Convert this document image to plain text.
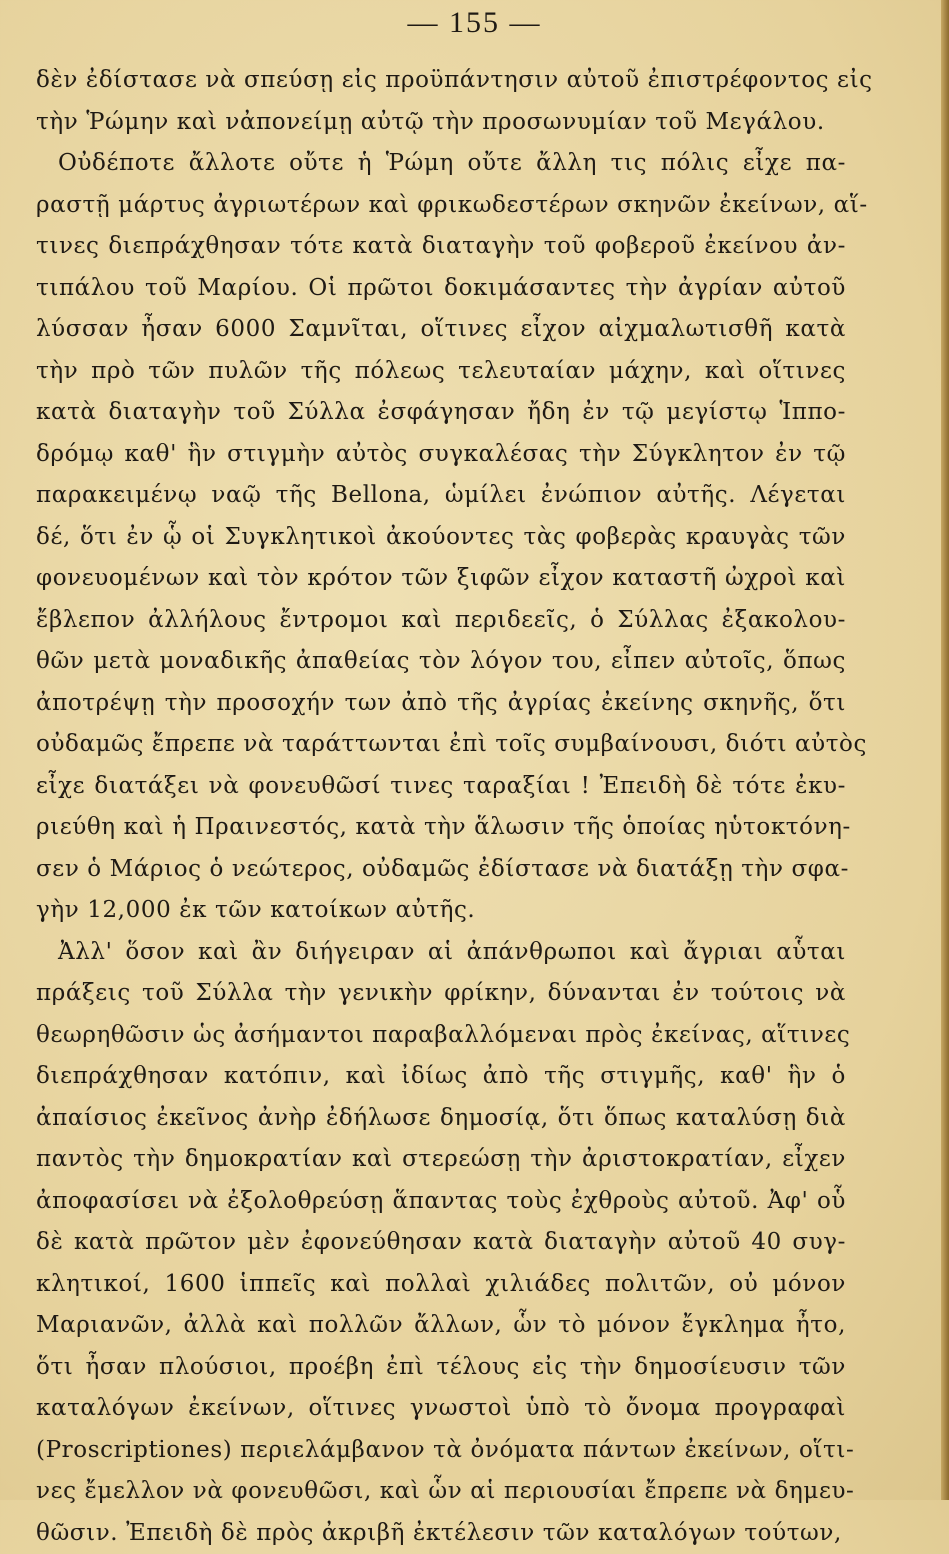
— 155 —
δὲν ἐδίστασε νὰ σπεύσῃ εἰς προϋπάντησιν αὐτοῦ ἐπιστρέφοντος εἰς
τὴν Ῥώμην καὶ νἀπονείμῃ αὐτῷ τὴν προσωνυμίαν τοῦ Μεγάλου.
Οὐδέποτε ἄλλοτε οὔτε ἡ Ῥώμη οὔτε ἄλλη τις πόλις εἶχε πα-
ραστῇ μάρτυς ἀγριωτέρων καὶ φρικωδεστέρων σκηνῶν ἐκείνων, αἵ-
τινες διεπράχθησαν τότε κατὰ διαταγὴν τοῦ φοβεροῦ ἐκείνου ἀν-
τιπάλου τοῦ Μαρίου. Οἱ πρῶτοι δοκιμάσαντες τὴν ἀγρίαν αὐτοῦ
λύσσαν ἦσαν 6000 Σαμνῖται, οἵτινες εἶχον αἰχμαλωτισθῆ κατὰ
τὴν πρὸ τῶν πυλῶν τῆς πόλεως τελευταίαν μάχην, καὶ οἵτινες
κατὰ διαταγὴν τοῦ Σύλλα ἐσφάγησαν ἤδη ἐν τῷ μεγίστῳ Ἱππο-
δρόμῳ καθ' ἣν στιγμὴν αὐτὸς συγκαλέσας τὴν Σύγκλητον ἐν τῷ
παρακειμένῳ ναῷ τῆς Bellona, ὡμίλει ἐνώπιον αὐτῆς. Λέγεται
δέ, ὅτι ἐν ᾧ οἱ Συγκλητικοὶ ἀκούοντες τὰς φοβερὰς κραυγὰς τῶν
φονευομένων καὶ τὸν κρότον τῶν ξιφῶν εἶχον καταστῆ ὠχροὶ καὶ
ἔβλεπον ἀλλήλους ἔντρομοι καὶ περιδεεῖς, ὁ Σύλλας ἐξακολου-
θῶν μετὰ μοναδικῆς ἀπαθείας τὸν λόγον του, εἶπεν αὐτοῖς, ὅπως
ἀποτρέψῃ τὴν προσοχήν των ἀπὸ τῆς ἀγρίας ἐκείνης σκηνῆς, ὅτι
οὐδαμῶς ἔπρεπε νὰ ταράττωνται ἐπὶ τοῖς συμβαίνουσι, διότι αὐτὸς
εἶχε διατάξει νὰ φονευθῶσί τινες ταραξίαι ! Ἐπειδὴ δὲ τότε ἐκυ-
ριεύθη καὶ ἡ Πραινεστός, κατὰ τὴν ἅλωσιν τῆς ὁποίας ηὑτοκτόνη-
σεν ὁ Μάριος ὁ νεώτερος, οὐδαμῶς ἐδίστασε νὰ διατάξῃ τὴν σφα-
γὴν 12,000 ἐκ τῶν κατοίκων αὐτῆς.
Ἀλλ' ὅσον καὶ ἂν διήγειραν αἱ ἀπάνθρωποι καὶ ἄγριαι αὗται
πράξεις τοῦ Σύλλα τὴν γενικὴν φρίκην, δύνανται ἐν τούτοις νὰ
θεωρηθῶσιν ὡς ἀσήμαντοι παραβαλλόμεναι πρὸς ἐκείνας, αἵτινες
διεπράχθησαν κατόπιν, καὶ ἰδίως ἀπὸ τῆς στιγμῆς, καθ' ἣν ὁ
ἀπαίσιος ἐκεῖνος ἀνὴρ ἐδήλωσε δημοσίᾳ, ὅτι ὅπως καταλύσῃ διὰ
παντὸς τὴν δημοκρατίαν καὶ στερεώσῃ τὴν ἀριστοκρατίαν, εἶχεν
ἀποφασίσει νὰ ἐξολοθρεύσῃ ἅπαντας τοὺς ἐχθροὺς αὐτοῦ. Ἀφ' οὗ
δὲ κατὰ πρῶτον μὲν ἐφονεύθησαν κατὰ διαταγὴν αὐτοῦ 40 συγ-
κλητικοί, 1600 ἱππεῖς καὶ πολλαὶ χιλιάδες πολιτῶν, οὐ μόνον
Μαριανῶν, ἀλλὰ καὶ πολλῶν ἄλλων, ὧν τὸ μόνον ἔγκλημα ἦτο,
ὅτι ἦσαν πλούσιοι, προέβη ἐπὶ τέλους εἰς τὴν δημοσίευσιν τῶν
καταλόγων ἐκείνων, οἵτινες γνωστοὶ ὑπὸ τὸ ὄνομα προγραφαὶ
(Proscriptiones) περιελάμβανον τὰ ὀνόματα πάντων ἐκείνων, οἵτι-
νες ἔμελλον νὰ φονευθῶσι, καὶ ὧν αἱ περιουσίαι ἔπρεπε νὰ δημευ-
θῶσιν. Ἐπειδὴ δὲ πρὸς ἀκριβῆ ἐκτέλεσιν τῶν καταλόγων τούτων,
